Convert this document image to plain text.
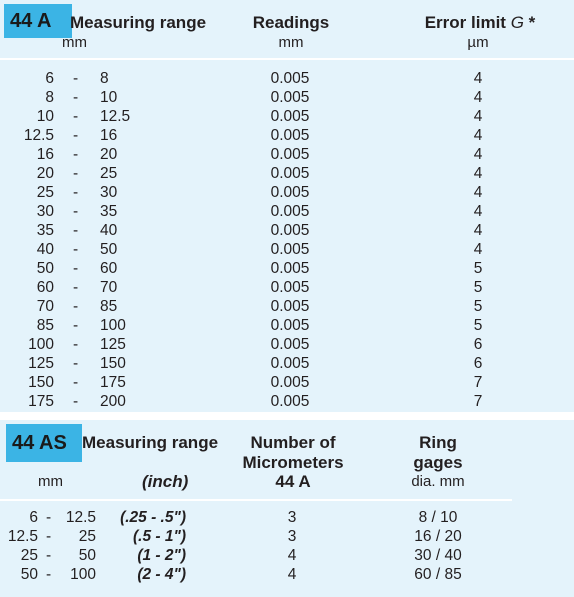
44 A	Measuring range
mm
Readings
mm
Error limit G *
µm
6 - 8	0.005	4
8 - 10	0.005	4
10 - 12.5	0.005	4
12.5 - 16	0.005	4
16 - 20	0.005	4
20 - 25	0.005	4
25 - 30	0.005	4
30 - 35	0.005	4
35 - 40	0.005	4
40 - 50	0.005	4
50 - 60	0.005	5
60 - 70	0.005	5
70 - 85	0.005	5
85 - 100	0.005	5
100 - 125	0.005	6
125 - 150	0.005	6
150 - 175	0.005	7
175 - 200	0.005	7
44 AS Measuring range
mm	(inch)
Number of
Micrometers
44 A
Ring
gages
dia. mm
6 - 12.5 (.25 - .5")	3	8 / 10
12.5 - 25 (.5 - 1")	3	16 / 20
25 - 50	(1 - 2")	4	30 / 40
50 - 100	(2 - 4")	4	60 / 85
